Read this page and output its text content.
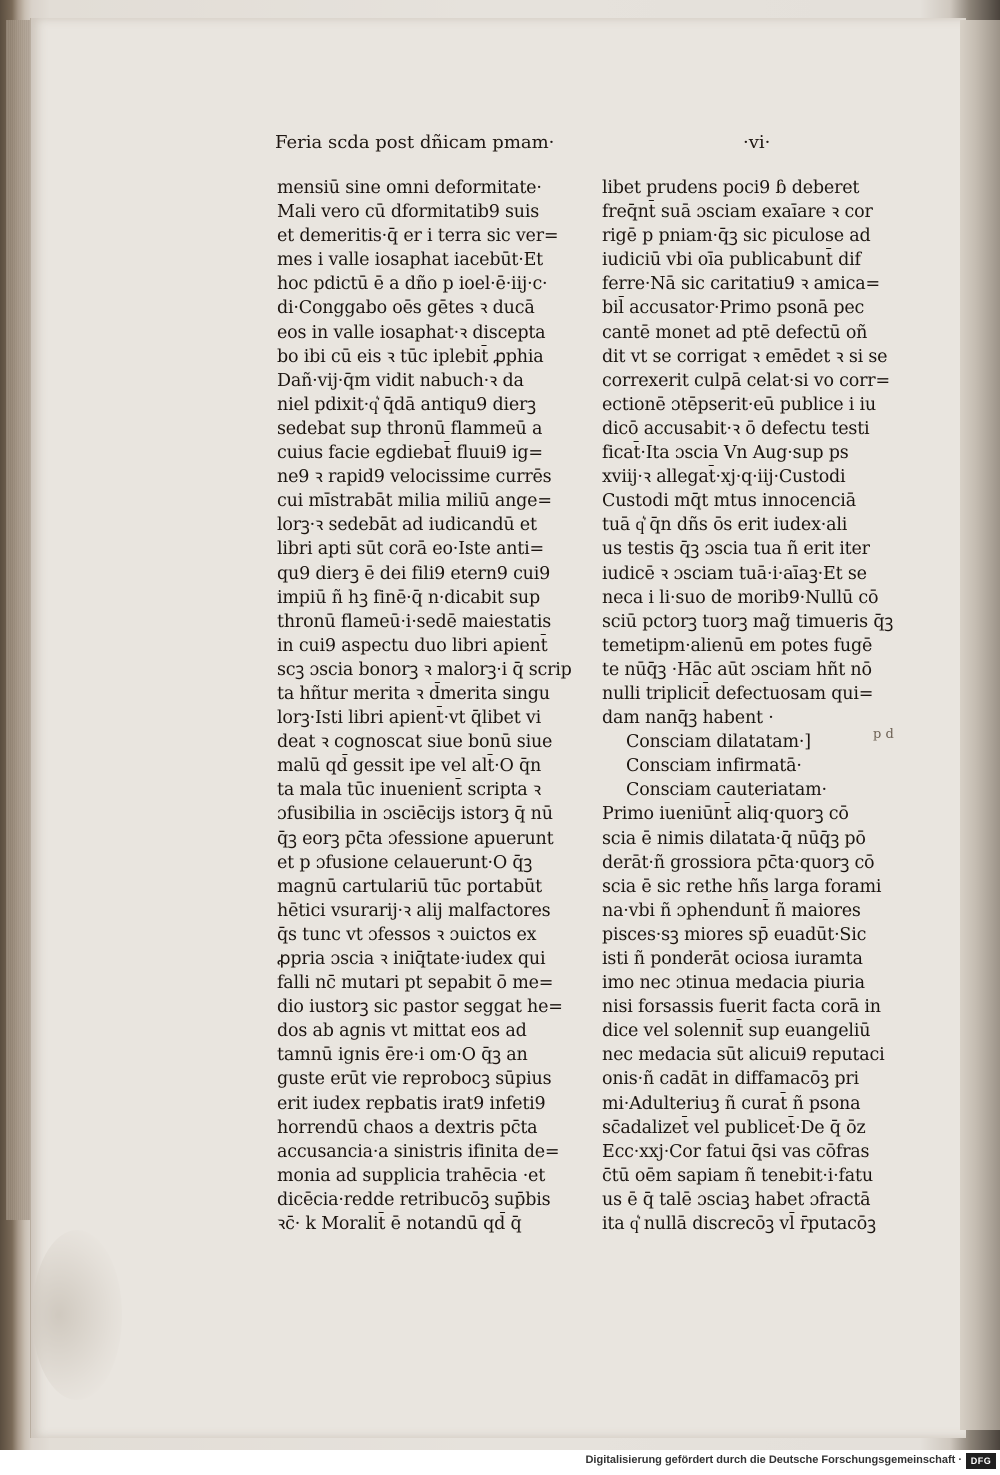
Feria scda post dñicam pmam·	·vi·
mensiū sine omni deformitate·
Mali vero cū dformitatib9 suis
et demeritis·q̄ er i terra sic ver=
mes i valle iosaphat iacebūt·Et
hoc pdictū ē a dño p ioel·ē·iij·c·
di·Conggabo oēs gētes ꝛ ducā
eos in valle iosaphat·ꝛ discepta
bo ibi cū eis ꝛ tūc iplebit̄ ꝓphia
Dañ·vij·q̄m vidit nabuch·ꝛ da
niel pdixit·q͛ q̄dā antiqu9 dierꝫ
sedebat sup thronū flammeū a
cuius facie egdiebat̄ fluui9 ig=
ne9 ꝛ rapid9 velocissime currēs
cui mīstrabāt milia miliū ange=
lorꝫ·ꝛ sedebāt ad iudicandū et
libri apti sūt corā eo·Iste anti=
qu9 dierꝫ ē dei fili9 etern9 cui9
impiū ñ hꝫ finē·q̄ n·dicabit sup
thronū flameū·i·sedē maiestatis
in cui9 aspectu duo libri apient̄
scꝫ ɔscia bonorꝫ ꝛ malorꝫ·i q̄ scrip
ta hñtur merita ꝛ d̄merita singu
lorꝫ·Isti libri apient̄·vt q̄libet vi
deat ꝛ cognoscat siue bonū siue
malū qd̄ gessit ipe vel alt̄·O q̄n
ta mala tūc inuenient̄ scripta ꝛ
ɔfusibilia in ɔsciēcijs istorꝫ q̄ nū
q̄ꝫ eorꝫ pc̄ta ɔfessione apuerunt
et p ɔfusione celauerunt·O q̄ꝫ
magnū cartulariū tūc portabūt
hētici vsurarij·ꝛ alij malfactores
q̄s tunc vt ɔfessos ꝛ ɔuictos ex
ꝓpria ɔscia ꝛ iniq̄tate·iudex qui
falli nc̄ mutari pt sepabit ō me=
dio iustorꝫ sic pastor seggat he=
dos ab agnis vt mittat eos ad
tamnū ignis ēre·i om·O q̄ꝫ an
guste erūt vie reprobocꝫ sūpius
erit iudex repbatis irat9 infeti9
horrendū chaos a dextris pc̄ta
accusancia·a sinistris ifinita de=
monia ad supplicia trahēcia ·et
dicēcia·redde retribucōꝫ sup̄bis
ꝛc̄· k Moralit̄ ē notandū qd̄ q̄
libet prudens poci9 ɓ deberet
freq̄nt̄ suā ɔsciam exaīare ꝛ cor
rigē p pniam·q̄ꝫ sic piculose ad
iudiciū vbi oīa publicabunt̄ dif
ferre·Nā sic caritatiu9 ꝛ amica=
bil̄ accusator·Primo psonā pec
cantē monet ad ptē defectū oñ
dit vt se corrigat ꝛ emēdet ꝛ si se
correxerit culpā celat·si vo corr=
ectionē ɔtēpserit·eū publice i iu
dicō accusabit·ꝛ ō defectu testi
ficat̄·Ita ɔscia Vn Aug·sup ps
xviij·ꝛ allegat̄·xj·q·iij·Custodi
Custodi mq̄t mtus innocenciā
tuā q͛ q̄n dñs ōs erit iudex·ali
us testis q̄ꝫ ɔscia tua ñ erit iter
iudicē ꝛ ɔsciam tuā·i·aīaꝫ·Et se
neca i li·suo de morib9·Nullū cō
sciū pctorꝫ tuorꝫ mag̃ timueris q̄ꝫ
temetipm·alienū em potes fugē
te nūq̄ꝫ ·Hāc aūt ɔsciam hñt nō
nulli triplicit̄ defectuosam qui=
dam nanq̄ꝫ habent ·
Consciam dilatatam·]
Consciam infirmatā·
Consciam cauteriatam·
Primo iueniūnt̄ aliq·quorꝫ cō
scia ē nimis dilatata·q̄ nūq̄ꝫ pō
derāt·ñ grossiora pc̄ta·quorꝫ cō
scia ē sic rethe hñs larga forami
na·vbi ñ ɔphendunt̄ ñ maiores
pisces·sꝫ miores sp̄ euadūt·Sic
isti ñ ponderāt ociosa iuramta
imo nec ɔtinua medacia piuria
nisi forsassis fuerit facta corā in
dice vel solennit̄ sup euangeliū
nec medacia sūt alicui9 reputaci
onis·ñ cadāt in diffamacōꝫ pri
mi·Adulteriuꝫ ñ curat̄ ñ psona
sc̄adalizet̄ vel publicet̄·De q̄ ōz
Ecc·xxj·Cor fatui q̄si vas cōfras
c̄tū oēm sapiam ñ tenebit·i·fatu
us ē q̄ talē ɔsciaꝫ habet ɔfractā
ita q͛ nullā discrecōꝫ vl̄ r̄putacōꝫ
p d
Digitalisierung gefördert durch die Deutsche Forschungsgemeinschaft · DFG
